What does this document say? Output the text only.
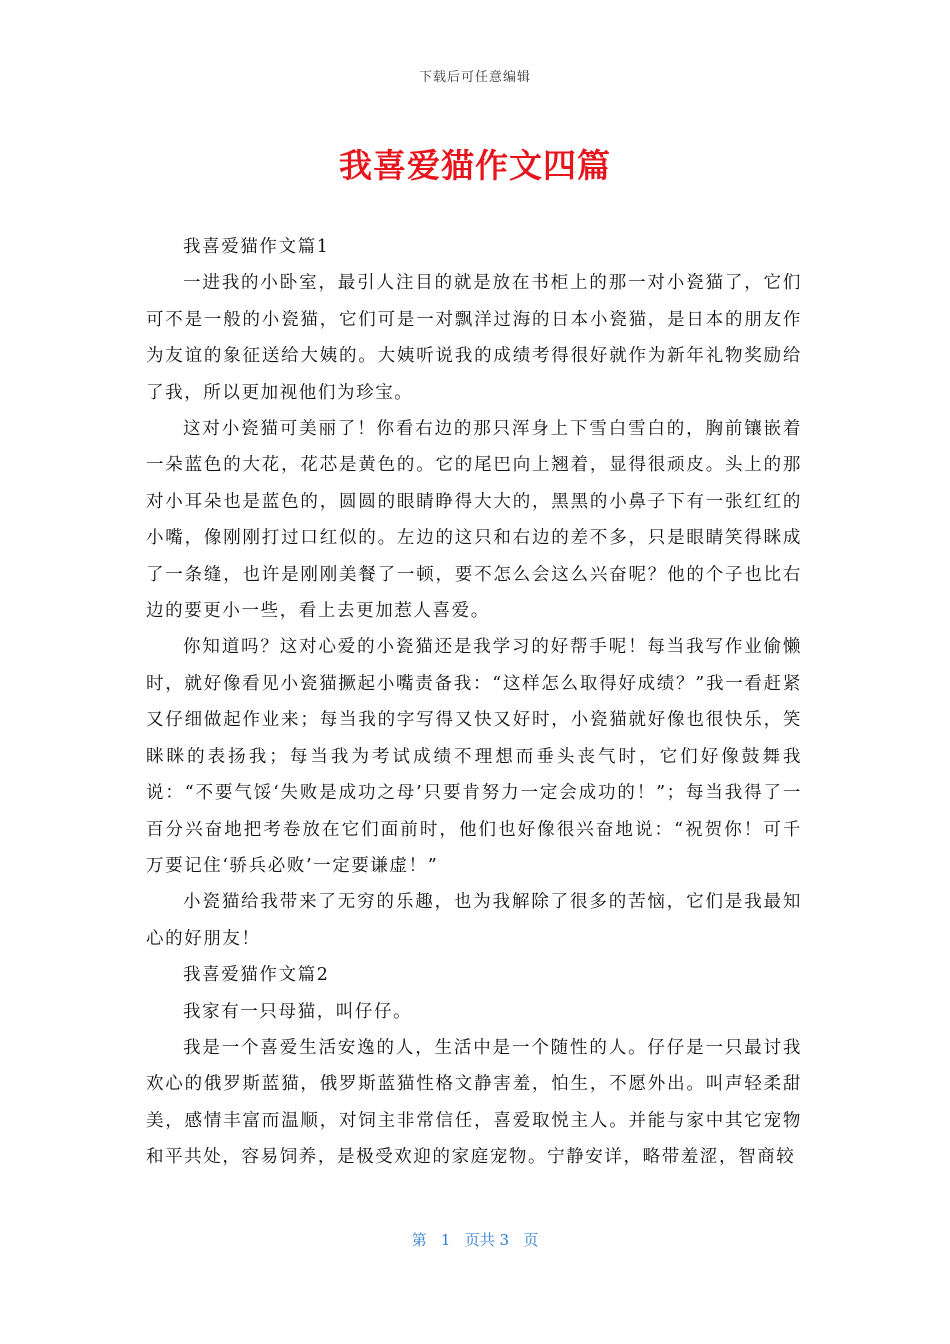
下载后可任意编辑
我喜爱猫作文四篇

我喜爱猫作文篇1

一进我的小卧室，最引人注目的就是放在书柜上的那一对小瓷猫了，它们可不是一般的小瓷猫，它们可是一对飘洋过海的日本小瓷猫，是日本的朋友作为友谊的象征送给大姨的。大姨听说我的成绩考得很好就作为新年礼物奖励给了我，所以更加视他们为珍宝。

这对小瓷猫可美丽了！你看右边的那只浑身上下雪白雪白的，胸前镶嵌着一朵蓝色的大花，花芯是黄色的。它的尾巴向上翘着，显得很顽皮。头上的那对小耳朵也是蓝色的，圆圆的眼睛睁得大大的，黑黑的小鼻子下有一张红红的小嘴，像刚刚打过口红似的。左边的这只和右边的差不多，只是眼睛笑得眯成了一条缝，也许是刚刚美餐了一顿，要不怎么会这么兴奋呢？他的个子也比右边的要更小一些，看上去更加惹人喜爱。

你知道吗？这对心爱的小瓷猫还是我学习的好帮手呢！每当我写作业偷懒时，就好像看见小瓷猫撅起小嘴责备我：“这样怎么取得好成绩？”我一看赶紧又仔细做起作业来；每当我的字写得又快又好时，小瓷猫就好像也很快乐，笑眯眯的表扬我；每当我为考试成绩不理想而垂头丧气时，它们好像鼓舞我说：“不要气馁‘失败是成功之母’只要肯努力一定会成功的！”；每当我得了一百分兴奋地把考卷放在它们面前时，他们也好像很兴奋地说：“祝贺你！可千万要记住‘骄兵必败’一定要谦虚！”

小瓷猫给我带来了无穷的乐趣，也为我解除了很多的苦恼，它们是我最知心的好朋友！

我喜爱猫作文篇2

我家有一只母猫，叫仔仔。

我是一个喜爱生活安逸的人，生活中是一个随性的人。仔仔是一只最讨我欢心的俄罗斯蓝猫，俄罗斯蓝猫性格文静害羞，怕生，不愿外出。叫声轻柔甜美，感情丰富而温顺，对饲主非常信任，喜爱取悦主人。并能与家中其它宠物和平共处，容易饲养，是极受欢迎的家庭宠物。宁静安详，略带羞涩，智商较

第 1 页共 3 页
